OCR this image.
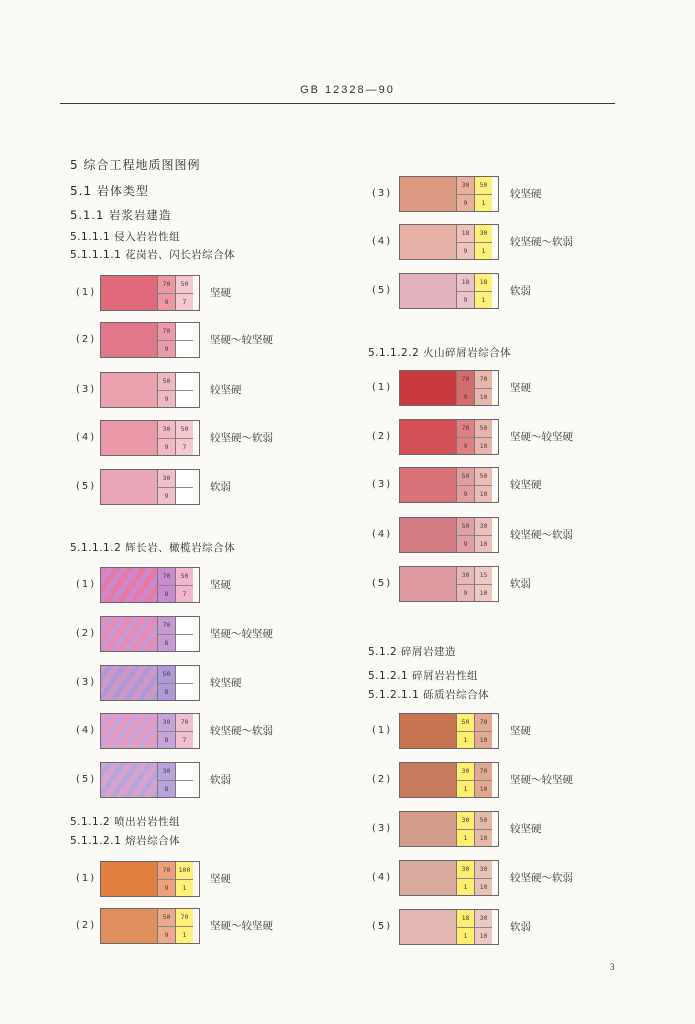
GB 12328—90
5 综合工程地质图图例
5.1 岩体类型
5.1.1 岩浆岩建造
5.1.1.1 侵入岩岩性组
5.1.1.1.1 花岗岩、闪长岩综合体
5.1.1.1.2 辉长岩、橄榄岩综合体
5.1.1.2 喷出岩岩性组
5.1.1.2.1 熔岩综合体
5.1.1.2.2 火山碎屑岩综合体
5.1.2 碎屑岩建造
5.1.2.1 碎屑岩岩性组
5.1.2.1.1 砾质岩综合体
(1)
70
9
50
7
坚硬
(2)
70
9
坚硬～较坚硬
(3)
50
9
较坚硬
(4)
30
9
50
7
较坚硬～软弱
(5)
30
9
软弱
(1)
70
8
50
7
坚硬
(2)
70
8
坚硬～较坚硬
(3)
50
8
较坚硬
(4)
30
8
70
7
较坚硬～软弱
(5)
30
8
软弱
(1)
70
9
100
1
坚硬
(2)
50
9
70
1
坚硬～较坚硬
(3)
30
9
50
1
较坚硬
(4)
18
9
30
1
较坚硬～软弱
(5)
18
9
18
1
软弱
(1)
70
9
70
10
坚硬
(2)
70
9
50
10
坚硬～较坚硬
(3)
50
9
50
10
较坚硬
(4)
50
9
30
10
较坚硬～软弱
(5)
30
9
15
10
软弱
(1)
50
1
70
10
坚硬
(2)
30
1
70
10
坚硬～较坚硬
(3)
30
1
50
10
较坚硬
(4)
30
1
30
10
较坚硬～软弱
(5)
18
1
30
10
软弱
3
